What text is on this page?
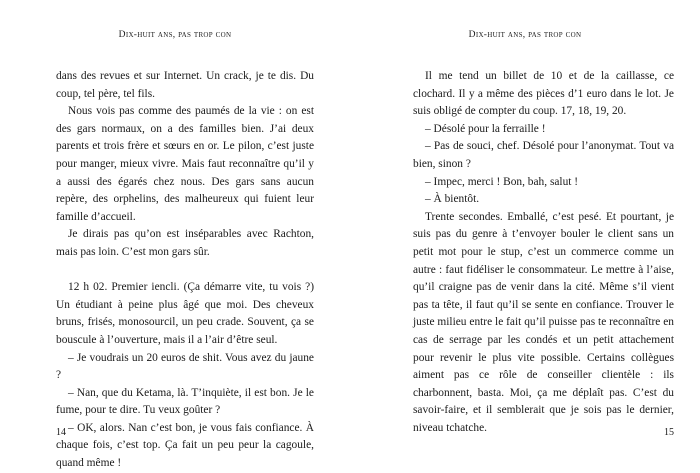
Dix-huit ans, pas trop con

dans des revues et sur Internet. Un crack, je te dis. Du coup, tel père, tel fils.

Nous vois pas comme des paumés de la vie : on est des gars normaux, on a des familles bien. J’ai deux parents et trois frère et sœurs en or. Le pilon, c’est juste pour manger, mieux vivre. Mais faut reconnaître qu’il y a aussi des égarés chez nous. Des gars sans aucun repère, des orphelins, des malheureux qui fuient leur famille d’accueil.

Je dirais pas qu’on est inséparables avec Rachton, mais pas loin. C’est mon gars sûr.

12 h 02. Premier iencli. (Ça démarre vite, tu vois ?) Un étudiant à peine plus âgé que moi. Des cheveux bruns, frisés, monosourcil, un peu crade. Souvent, ça se bouscule à l’ouverture, mais il a l’air d’être seul.

– Je voudrais un 20 euros de shit. Vous avez du jaune ?

– Nan, que du Ketama, là. T’inquiète, il est bon. Je le fume, pour te dire. Tu veux goûter ?

– OK, alors. Nan c’est bon, je vous fais confiance. À chaque fois, c’est top. Ça fait un peu peur la cagoule, quand même !

14
Dix-huit ans, pas trop con

Il me tend un billet de 10 et de la caillasse, ce clochard. Il y a même des pièces d’1 euro dans le lot. Je suis obligé de compter du coup. 17, 18, 19, 20.

– Désolé pour la ferraille !

– Pas de souci, chef. Désolé pour l’anonymat. Tout va bien, sinon ?

– Impec, merci ! Bon, bah, salut !

– À bientôt.

Trente secondes. Emballé, c’est pesé. Et pourtant, je suis pas du genre à t’envoyer bouler le client sans un petit mot pour le stup, c’est un commerce comme un autre : faut fidéliser le consommateur. Le mettre à l’aise, qu’il craigne pas de venir dans la cité. Même s’il vient pas ta tête, il faut qu’il se sente en confiance. Trouver le juste milieu entre le fait qu’il puisse pas te reconnaître en cas de serrage par les condés et un petit attachement pour revenir le plus vite possible. Certains collègues aiment pas ce rôle de conseiller clientèle : ils charbonnent, basta. Moi, ça me déplaît pas. C’est du savoir-faire, et il semblerait que je sois pas le dernier, niveau tchatche.	15
